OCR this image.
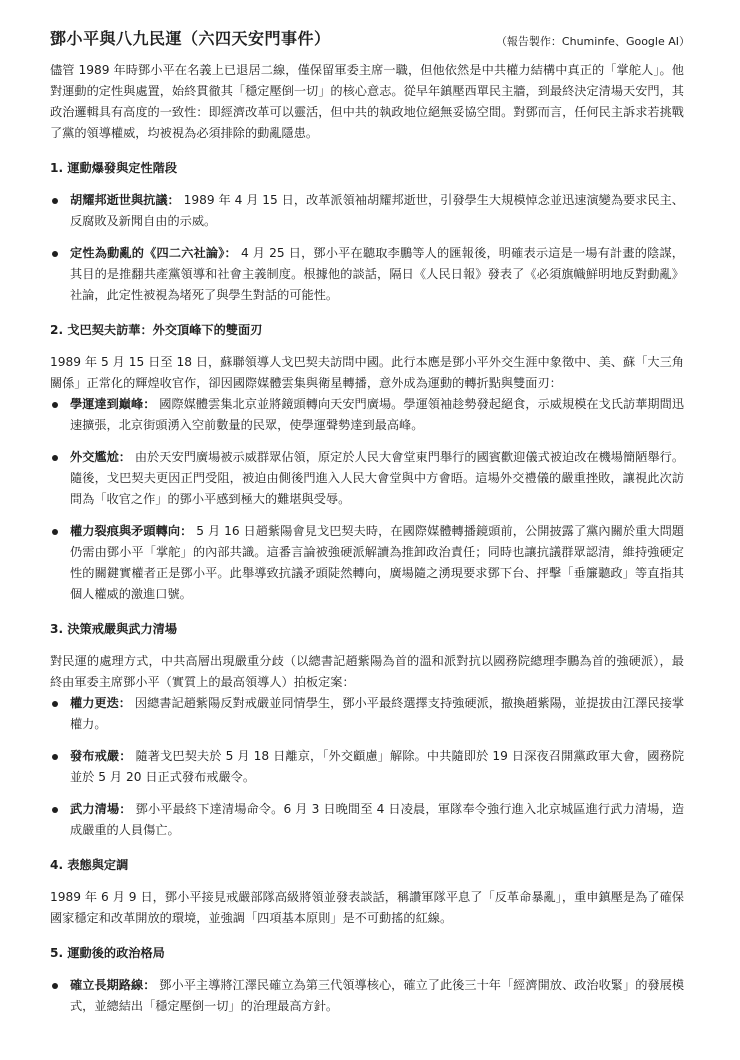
鄧小平與八九民運（六四天安門事件）	（報告製作：Chuminfe、Google AI）

儘管 1989 年時鄧小平在名義上已退居二線，僅保留軍委主席一職，但他依然是中共權力結構中真正的「掌舵人」。他對運動的定性與處置，始終貫徹其「穩定壓倒一切」的核心意志。從早年鎮壓西單民主牆，到最終決定清場天安門，其政治邏輯具有高度的一致性：即經濟改革可以靈活，但中共的執政地位絕無妥協空間。對鄧而言，任何民主訴求若挑戰了黨的領導權威，均被視為必須排除的動亂隱患。

1. 運動爆發與定性階段
胡耀邦逝世與抗議： 1989 年 4 月 15 日，改革派領袖胡耀邦逝世，引發學生大規模悼念並迅速演變為要求民主、反腐敗及新聞自由的示威。
定性為動亂的《四二六社論》： 4 月 25 日，鄧小平在聽取李鵬等人的匯報後，明確表示這是一場有計畫的陰謀，其目的是推翻共產黨領導和社會主義制度。根據他的談話，隔日《人民日報》發表了《必須旗幟鮮明地反對動亂》社論，此定性被視為堵死了與學生對話的可能性。
2. 戈巴契夫訪華：外交頂峰下的雙面刃

1989 年 5 月 15 日至 18 日，蘇聯領導人戈巴契夫訪問中國。此行本應是鄧小平外交生涯中象徵中、美、蘇「大三角關係」正常化的輝煌收官作，卻因國際媒體雲集與衛星轉播，意外成為運動的轉折點與雙面刃：

學運達到巔峰： 國際媒體雲集北京並將鏡頭轉向天安門廣場。學運領袖趁勢發起絕食，示威規模在戈氏訪華期間迅速擴張，北京街頭湧入空前數量的民眾，使學運聲勢達到最高峰。
外交尷尬： 由於天安門廣場被示威群眾佔領，原定於人民大會堂東門舉行的國賓歡迎儀式被迫改在機場簡陋舉行。隨後，戈巴契夫更因正門受阻，被迫由側後門進入人民大會堂與中方會晤。這場外交禮儀的嚴重挫敗，讓視此次訪問為「收官之作」的鄧小平感到極大的難堪與受辱。
權力裂痕與矛頭轉向： 5 月 16 日趙紫陽會見戈巴契夫時，在國際媒體轉播鏡頭前，公開披露了黨內關於重大問題仍需由鄧小平「掌舵」的內部共識。這番言論被強硬派解讀為推卸政治責任；同時也讓抗議群眾認清，維持強硬定性的關鍵實權者正是鄧小平。此舉導致抗議矛頭陡然轉向，廣場隨之湧現要求鄧下台、抨擊「垂簾聽政」等直指其個人權威的激進口號。
3. 決策戒嚴與武力清場

對民運的處理方式，中共高層出現嚴重分歧（以總書記趙紫陽為首的溫和派對抗以國務院總理李鵬為首的強硬派），最終由軍委主席鄧小平（實質上的最高領導人）拍板定案：

權力更迭： 因總書記趙紫陽反對戒嚴並同情學生，鄧小平最終選擇支持強硬派，撤換趙紫陽，並提拔由江澤民接掌權力。
發布戒嚴： 隨著戈巴契夫於 5 月 18 日離京，「外交顧慮」解除。中共隨即於 19 日深夜召開黨政軍大會，國務院並於 5 月 20 日正式發布戒嚴令。
武力清場： 鄧小平最終下達清場命令。6 月 3 日晚間至 4 日凌晨，軍隊奉令強行進入北京城區進行武力清場，造成嚴重的人員傷亡。
4. 表態與定調

1989 年 6 月 9 日，鄧小平接見戒嚴部隊高級將領並發表談話，稱讚軍隊平息了「反革命暴亂」，重申鎮壓是為了確保國家穩定和改革開放的環境，並強調「四項基本原則」是不可動搖的紅線。

5. 運動後的政治格局
確立長期路線： 鄧小平主導將江澤民確立為第三代領導核心，確立了此後三十年「經濟開放、政治收緊」的發展模式，並總結出「穩定壓倒一切」的治理最高方針。
